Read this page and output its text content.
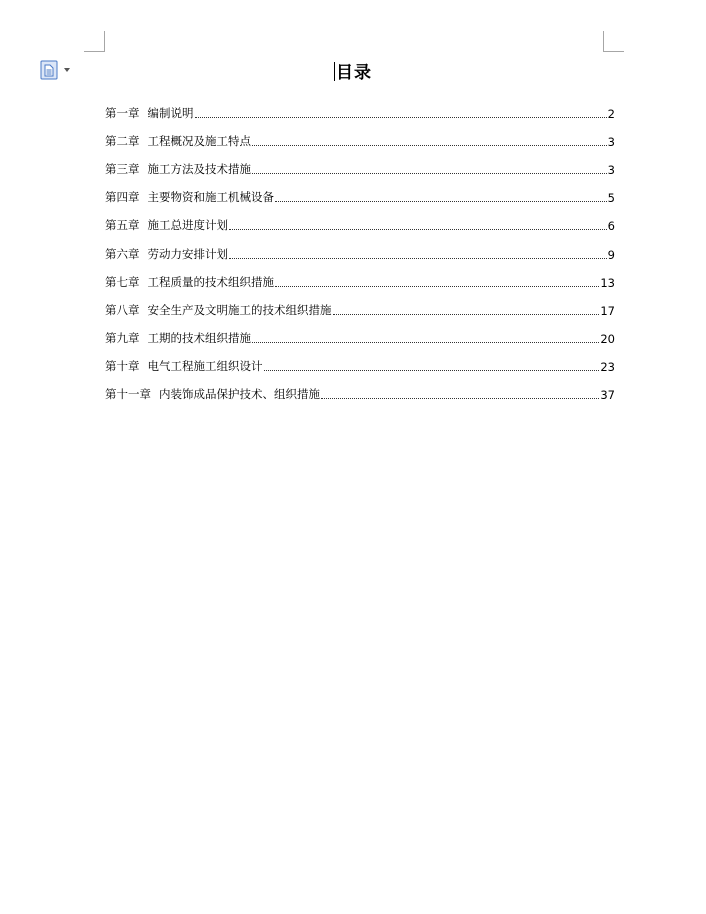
目录
第一章 编制说明	2
第二章 工程概况及施工特点	3
第三章 施工方法及技术措施	3
第四章 主要物资和施工机械设备	5
第五章 施工总进度计划	6
第六章 劳动力安排计划	9
第七章 工程质量的技术组织措施	13
第八章 安全生产及文明施工的技术组织措施	17
第九章 工期的技术组织措施	20
第十章 电气工程施工组织设计	23
第十一章 内装饰成品保护技术、组织措施	37
